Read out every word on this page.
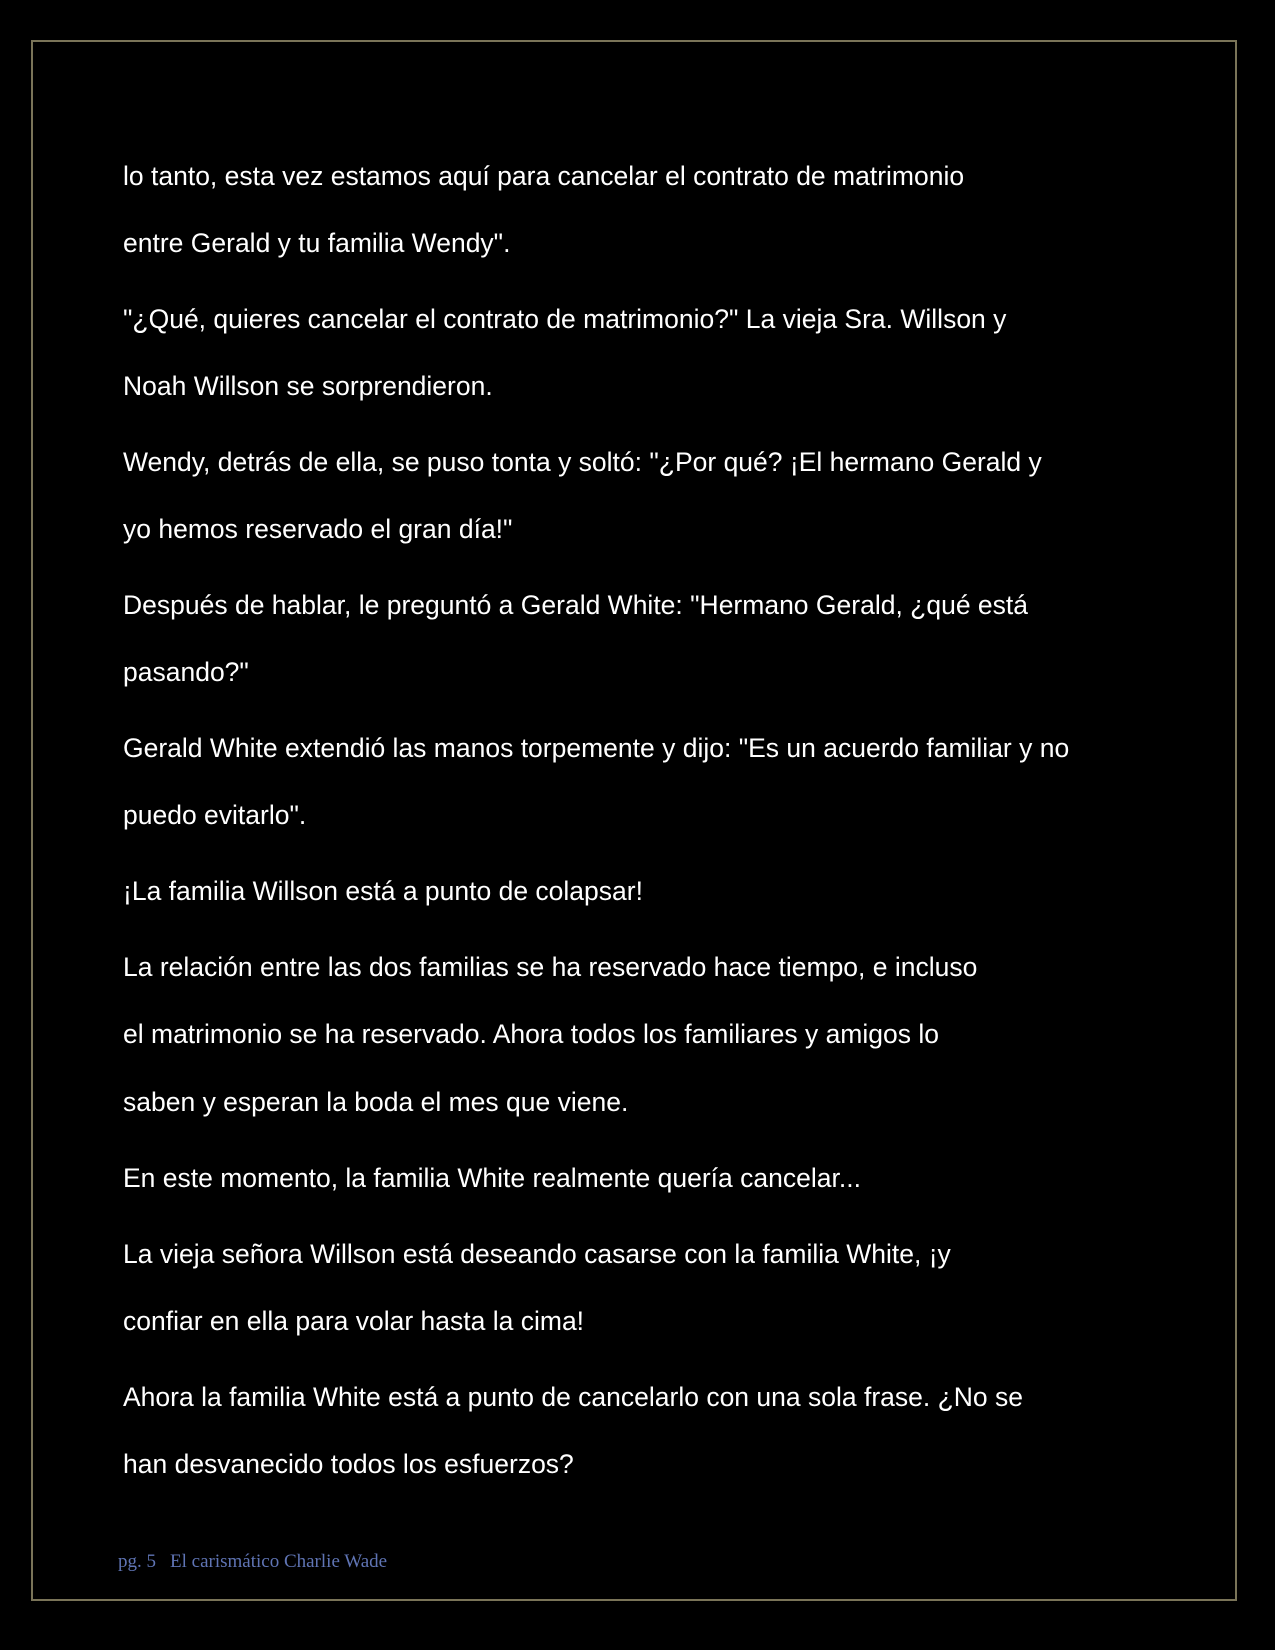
lo tanto, esta vez estamos aquí para cancelar el contrato de matrimonio
entre Gerald y tu familia Wendy".
"¿Qué, quieres cancelar el contrato de matrimonio?" La vieja Sra. Willson y
Noah Willson se sorprendieron.
Wendy, detrás de ella, se puso tonta y soltó: "¿Por qué? ¡El hermano Gerald y
yo hemos reservado el gran día!"
Después de hablar, le preguntó a Gerald White: "Hermano Gerald, ¿qué está
pasando?"
Gerald White extendió las manos torpemente y dijo: "Es un acuerdo familiar y no
puedo evitarlo".
¡La familia Willson está a punto de colapsar!
La relación entre las dos familias se ha reservado hace tiempo, e incluso
el matrimonio se ha reservado. Ahora todos los familiares y amigos lo
saben y esperan la boda el mes que viene.
En este momento, la familia White realmente quería cancelar...
La vieja señora Willson está deseando casarse con la familia White, ¡y
confiar en ella para volar hasta la cima!
Ahora la familia White está a punto de cancelarlo con una sola frase. ¿No se
han desvanecido todos los esfuerzos?
pg. 5 El carismático Charlie Wade
